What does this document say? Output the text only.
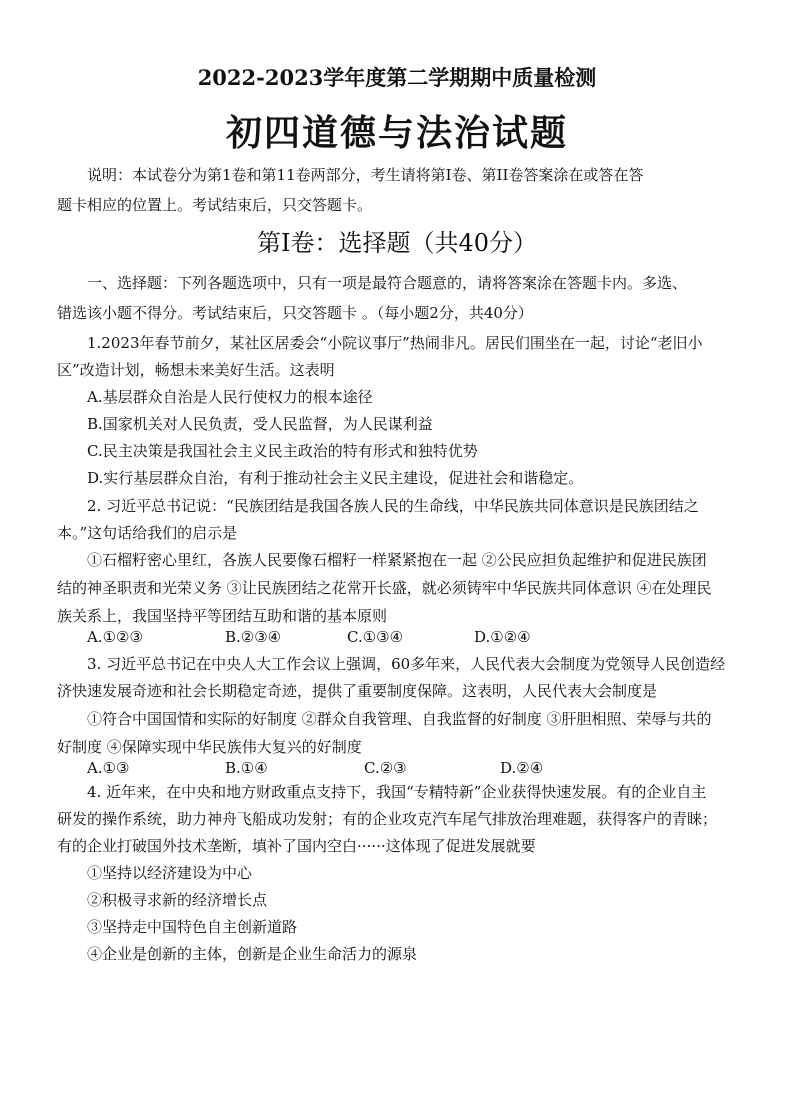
2022-2023学年度第二学期期中质量检测
初四道德与法治试题
说明：本试卷分为第1卷和第11卷两部分，考生请将第I卷、第II卷答案涂在或答在答
题卡相应的位置上。考试结束后，只交答题卡。
第I卷：选择题（共40分）
一、选择题：下列各题选项中，只有一项是最符合题意的，请将答案涂在答题卡内。多选、
错选该小题不得分。考试结束后，只交答题卡 。（每小题2分，共40分）
1.2023年春节前夕，某社区居委会“小院议事厅”热闹非凡。居民们围坐在一起，讨论“老旧小
区”改造计划，畅想未来美好生活。这表明
A.基层群众自治是人民行使权力的根本途径
B.国家机关对人民负责，受人民监督，为人民谋利益
C.民主决策是我国社会主义民主政治的特有形式和独特优势
D.实行基层群众自治，有利于推动社会主义民主建设，促进社会和谐稳定。
2. 习近平总书记说：“民族团结是我国各族人民的生命线，中华民族共同体意识是民族团结之
本。”这句话给我们的启示是
①石榴籽密心里红，各族人民要像石榴籽一样紧紧抱在一起 ②公民应担负起维护和促进民族团
结的神圣职责和光荣义务 ③让民族团结之花常开长盛，就必须铸牢中华民族共同体意识 ④在处理民
族关系上，我国坚持平等团结互助和谐的基本原则
A.①②③	B.②③④	C.①③④	D.①②④
3. 习近平总书记在中央人大工作会议上强调，60多年来，人民代表大会制度为党领导人民创造经
济快速发展奇迹和社会长期稳定奇迹，提供了重要制度保障。这表明，人民代表大会制度是
①符合中国国情和实际的好制度 ②群众自我管理、自我监督的好制度 ③肝胆相照、荣辱与共的
好制度 ④保障实现中华民族伟大复兴的好制度
A.①③	B.①④	C.②③	D.②④
4. 近年来，在中央和地方财政重点支持下，我国“专精特新”企业获得快速发展。有的企业自主
研发的操作系统，助力神舟飞船成功发射；有的企业攻克汽车尾气排放治理难题，获得客户的青睐；
有的企业打破国外技术垄断，填补了国内空白······这体现了促进发展就要
①坚持以经济建设为中心
②积极寻求新的经济增长点
③坚持走中国特色自主创新道路
④企业是创新的主体，创新是企业生命活力的源泉
